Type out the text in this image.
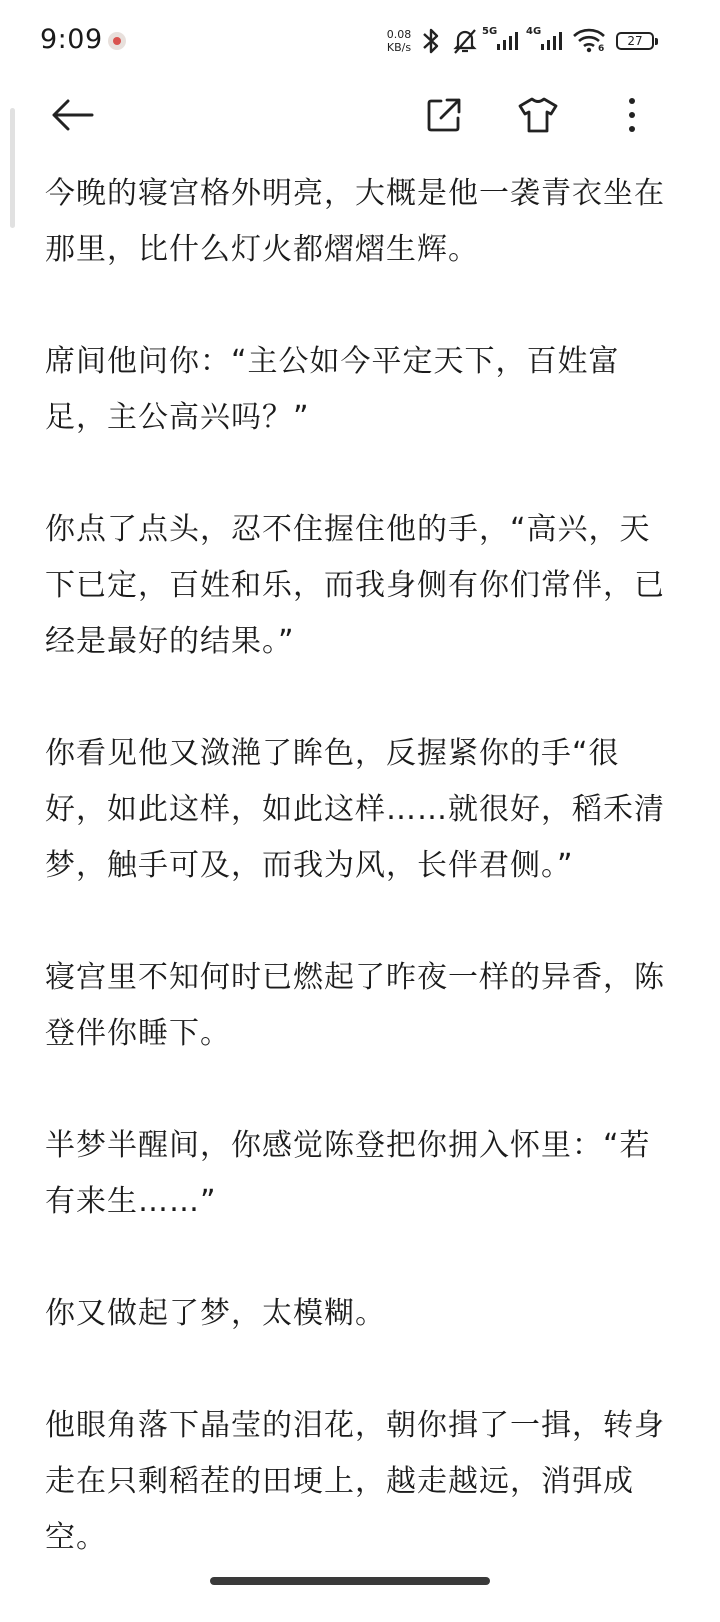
9:09	0.08
KB/s
5G	4G
6
27

今晚的寝宫格外明亮，大概是他一袭青衣坐在那里，比什么灯火都熠熠生辉。

席间他问你：“主公如今平定天下，百姓富足，主公高兴吗？”

你点了点头，忍不住握住他的手，“高兴，天下已定，百姓和乐，而我身侧有你们常伴，已经是最好的结果。”

你看见他又潋滟了眸色，反握紧你的手“很好，如此这样，如此这样……就很好，稻禾清梦，触手可及，而我为风，长伴君侧。”

寝宫里不知何时已燃起了昨夜一样的异香，陈登伴你睡下。

半梦半醒间，你感觉陈登把你拥入怀里：“若有来生……”

你又做起了梦，太模糊。

他眼角落下晶莹的泪花，朝你揖了一揖，转身走在只剩稻茬的田埂上，越走越远，消弭成空。
